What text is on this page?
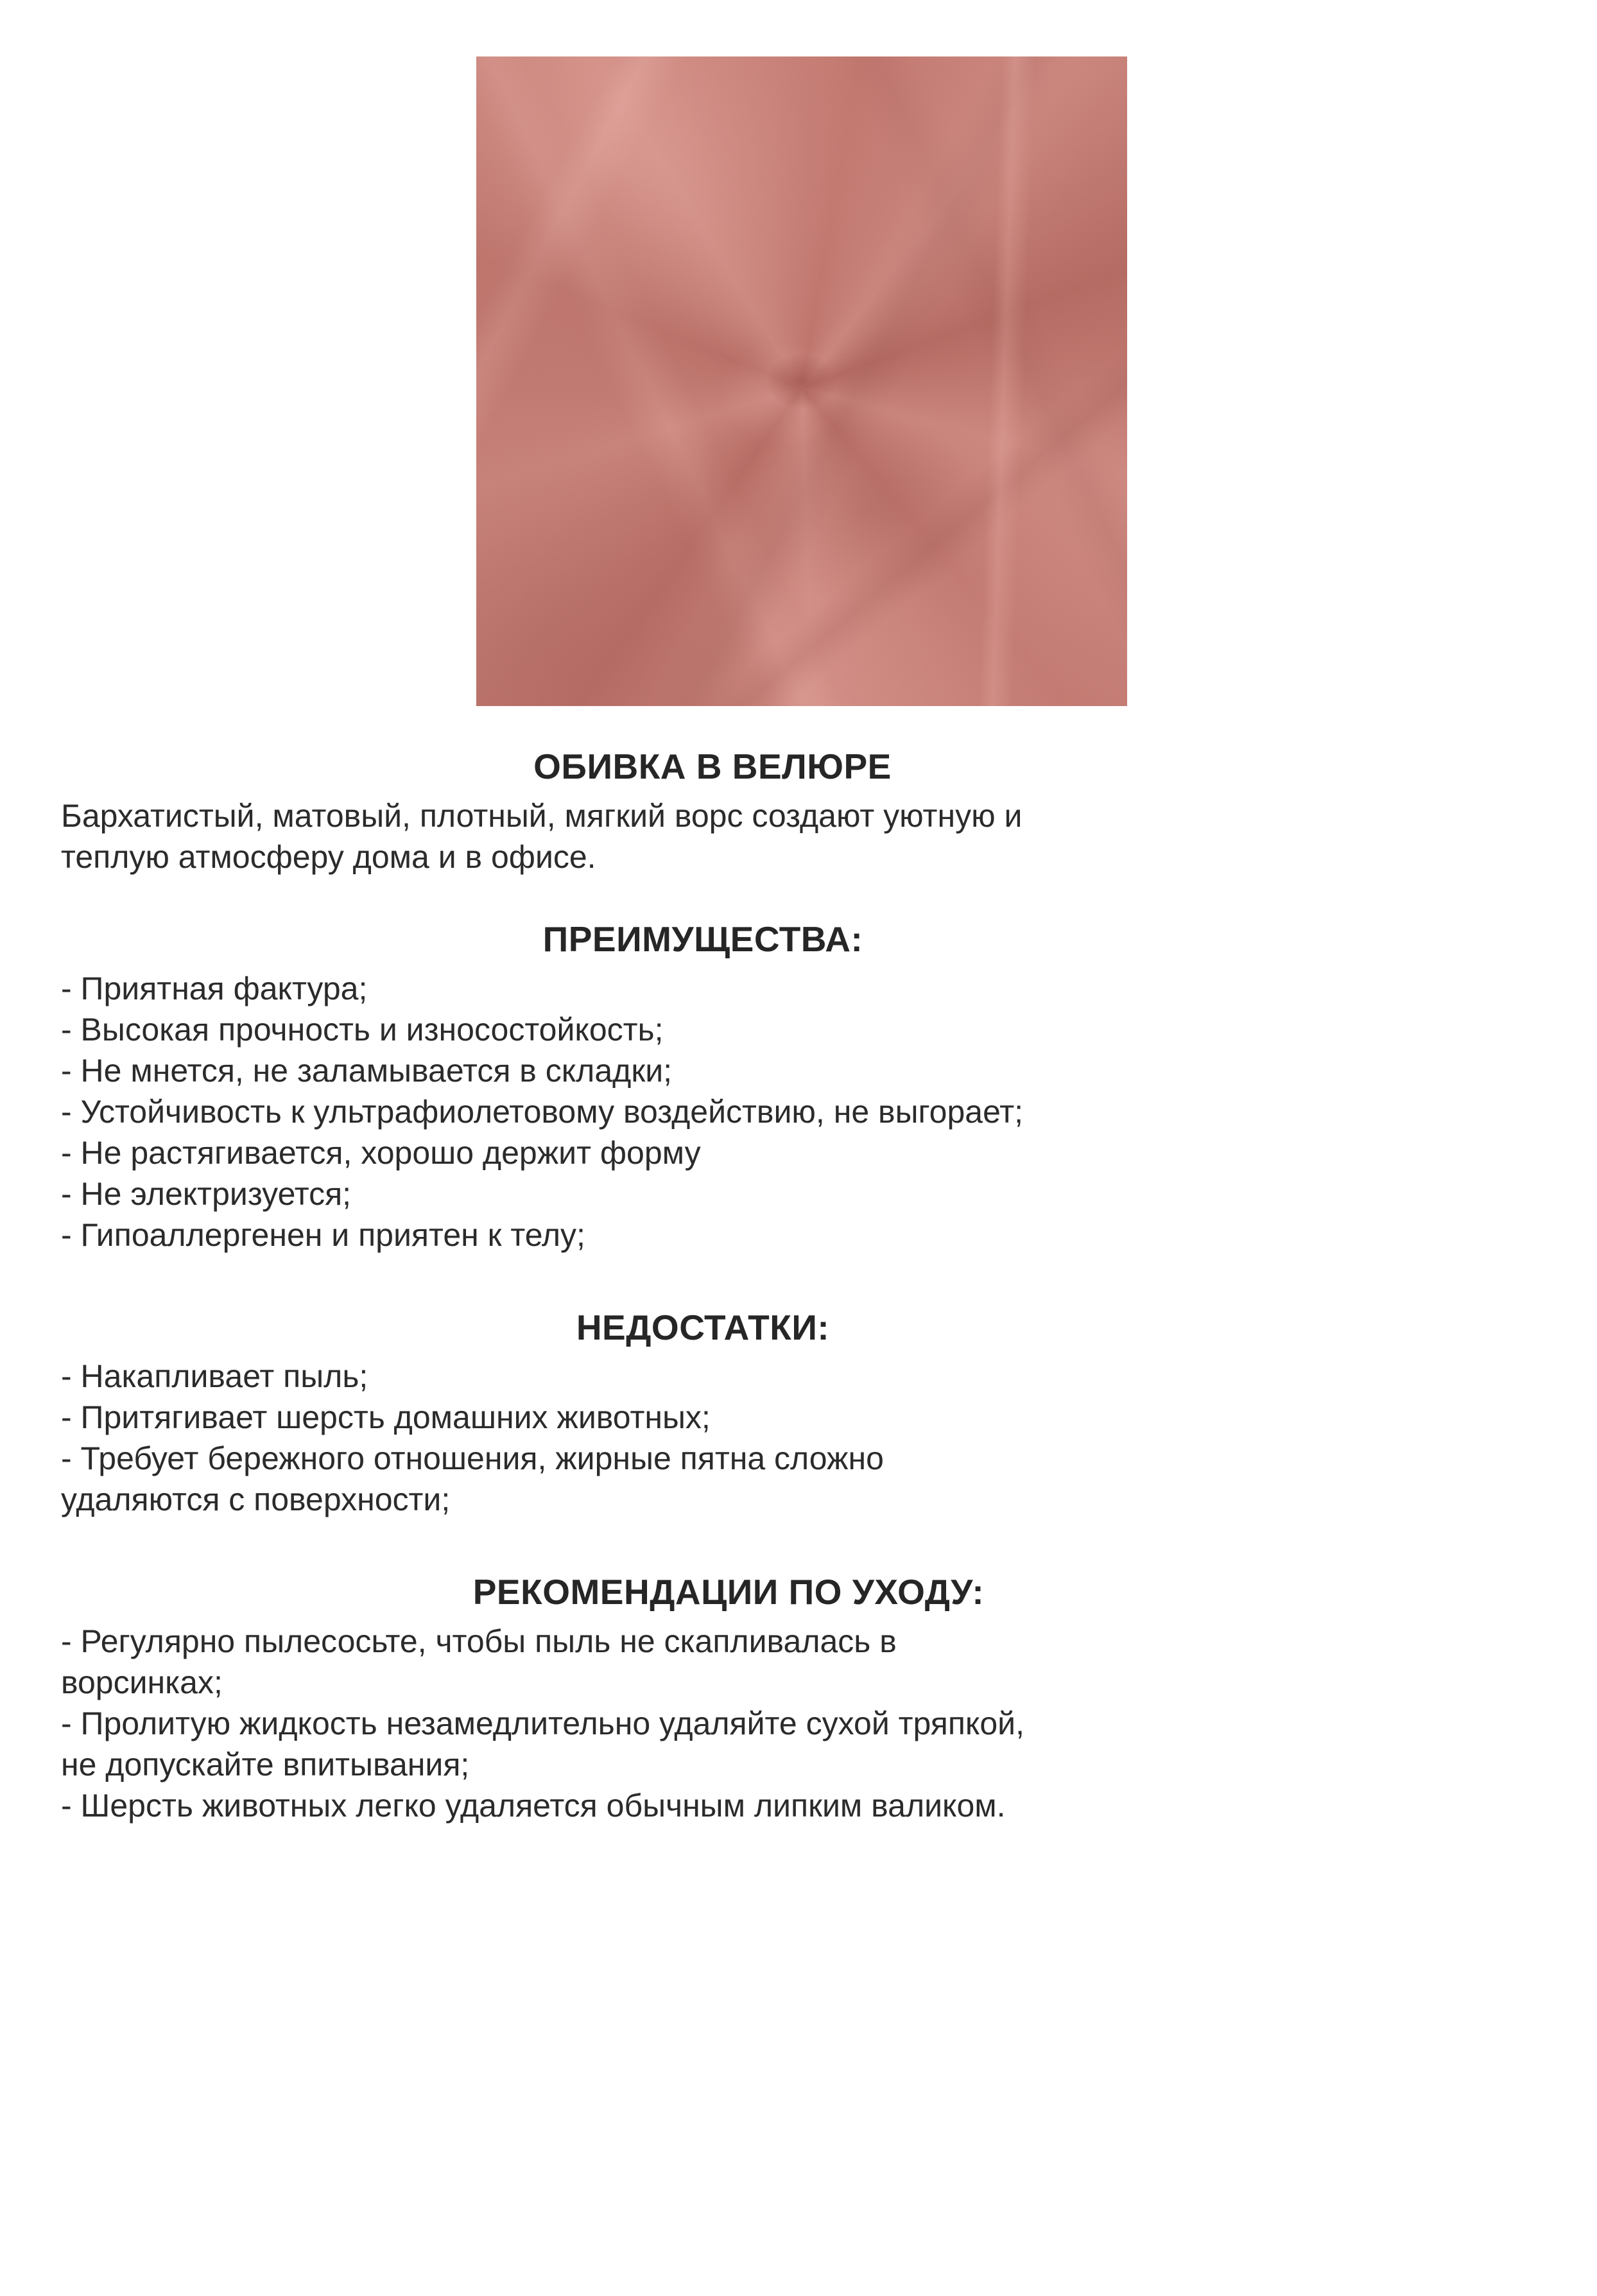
ОБИВКА В ВЕЛЮРЕ
Бархатистый, матовый, плотный, мягкий ворс создают уютную и
теплую атмосферу дома и в офисе.
ПРЕИМУЩЕСТВА:
- Приятная фактура;
- Высокая прочность и износостойкость;
- Не мнется, не заламывается в складки;
- Устойчивость к ультрафиолетовому воздействию, не выгорает;
- Не растягивается, хорошо держит форму
- Не электризуется;
- Гипоаллергенен и приятен к телу;
НЕДОСТАТКИ:
- Накапливает пыль;
- Притягивает шерсть домашних животных;
- Требует бережного отношения, жирные пятна сложно
удаляются с поверхности;
РЕКОМЕНДАЦИИ ПО УХОДУ:
- Регулярно пылесосьте, чтобы пыль не скапливалась в
ворсинках;
- Пролитую жидкость незамедлительно удаляйте сухой тряпкой,
не допускайте впитывания;
- Шерсть животных легко удаляется обычным липким валиком.
